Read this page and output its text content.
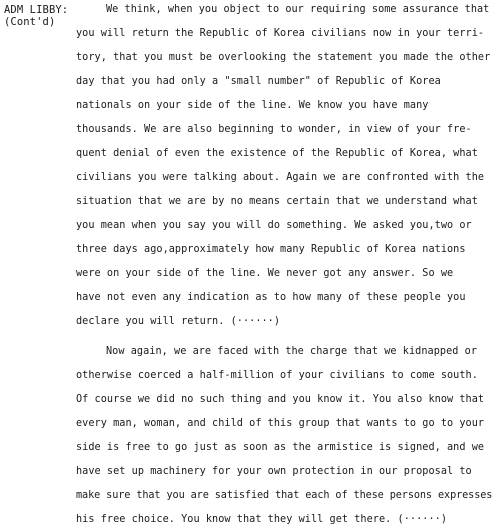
ADM LIBBY:
(Cont'd)
We think, when you object to our requiring some assurance that
you will return the Republic of Korea civilians now in your terri-
tory, that you must be overlooking the statement you made the other
day that you had only a "small number" of Republic of Korea
nationals on your side of the line. We know you have many
thousands. We are also beginning to wonder, in view of your fre-
quent denial of even the existence of the Republic of Korea, what
civilians you were talking about. Again we are confronted with the
situation that we are by no means certain that we understand what
you mean when you say you will do something. We asked you,two or
three days ago,approximately how many Republic of Korea nations
were on your side of the line. We never got any answer. So we
have not even any indication as to how many of these people you
declare you will return. (······)
Now again, we are faced with the charge that we kidnapped or
otherwise coerced a half-million of your civilians to come south.
Of course we did no such thing and you know it. You also know that
every man, woman, and child of this group that wants to go to your
side is free to go just as soon as the armistice is signed, and we
have set up machinery for your own protection in our proposal to
make sure that you are satisfied that each of these persons expresses
his free choice. You know that they will get there. (······)
